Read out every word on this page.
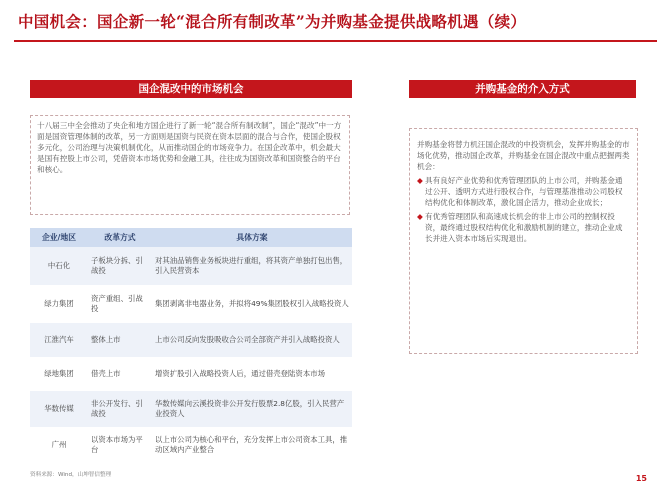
中国机会：国企新一轮“混合所有制改革”为并购基金提供战略机遇（续）
国企混改中的市场机会	并购基金的介入方式

十八届三中全会推动了央企和地方国企进行了新一轮“混合所有制改制”，国企“混改”中一方面是国资管理体制的改革，另一方面则是国资与民资在资本层面的混合与合作，使国企股权多元化，公司治理与决策机制优化，从而推动国企的市场竞争力。在国企改革中，机会最大是国有控股上市公司，凭借资本市场优势和金融工具，往往成为国资改革和国资整合的平台和核心。

企业/地区	改革方式	具体方案
中石化	子板块分拆、引战投	对其油品销售业务板块进行重组，将其资产单独打包出售，引入民营资本
绿力集团	资产重组、引战投	集团剥离非电器业务，并拟将49%集团股权引入战略投资人
江淮汽车	整体上市	上市公司反向发股吸收合公司全部资产并引入战略投资人
绿地集团	借壳上市	增资扩股引入战略投资人后，通过借壳登陆资本市场
华数传媒	非公开发行、引战投	华数传媒向云溪投资非公开发行股票2.8亿股，引入民营产业投资人
广州	以资本市场为平台	以上市公司为核心和平台，充分发挥上市公司资本工具，推动区域内产业整合

并购基金将替力机汪国企混改的中投资机会，发挥并购基金的市场化优势，推动国企改革，并购基金在国企混改中重点把握两类机会：

◆ 具有良好产业优势和优秀管理团队的上市公司，并购基金通过公开、透明方式进行股权合作，与管理基准推动公司股权结构优化和体制改革，激化国企活力，推动企业成长；
◆ 有优秀管理团队和高速成长机会的非上市公司的控制权投资，最终通过股权结构优化和激励机制的建立，推动企业成长并进入资本市场后实现退出。
资料来源：Wind，山坤智信整理	15
